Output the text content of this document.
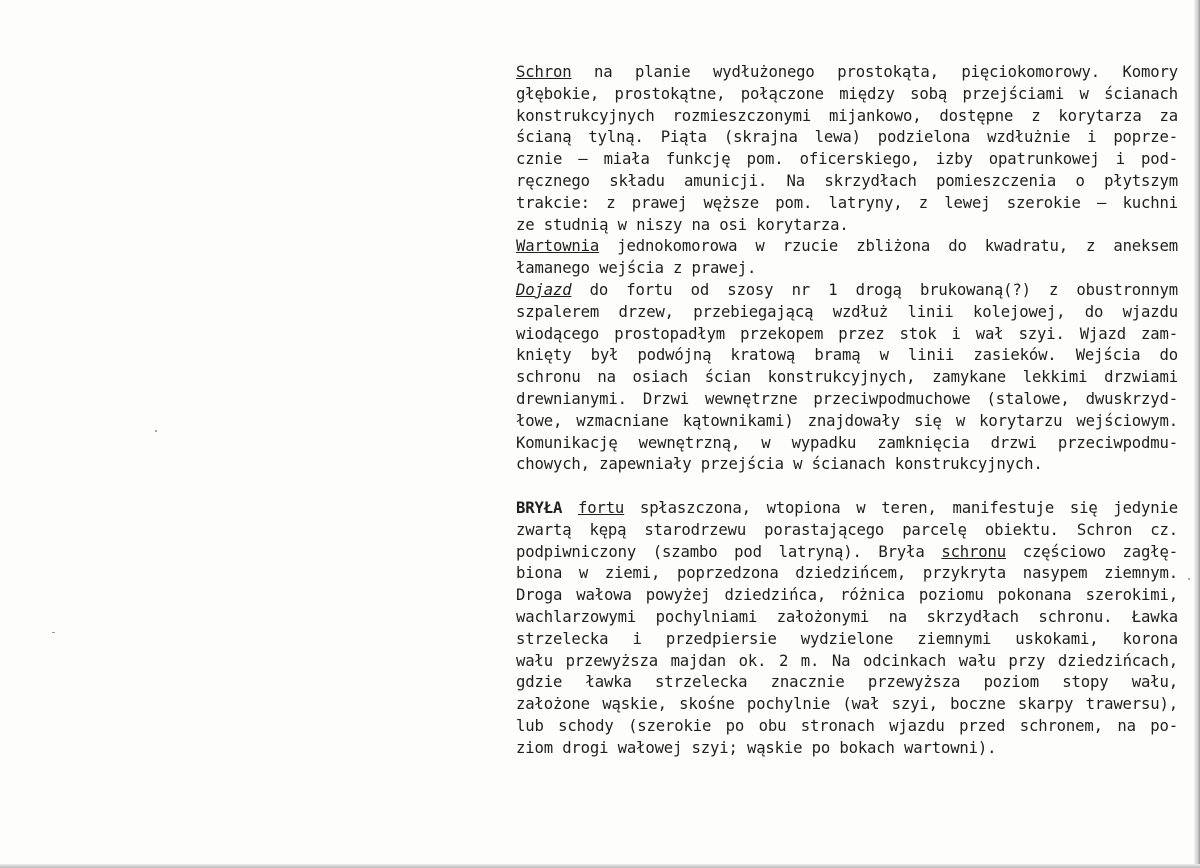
Schron na planie wydłużonego prostokąta, pięciokomorowy. Komory
głębokie, prostokątne, połączone między sobą przejściami w ścianach
konstrukcyjnych rozmieszczonymi mijankowo, dostępne z korytarza za
ścianą tylną. Piąta (skrajna lewa) podzielona wzdłużnie i poprze-
cznie – miała funkcję pom. oficerskiego, izby opatrunkowej i pod-
ręcznego składu amunicji. Na skrzydłach pomieszczenia o płytszym
trakcie: z prawej węższe pom. latryny, z lewej szerokie – kuchni
ze studnią w niszy na osi korytarza.
Wartownia jednokomorowa w rzucie zbliżona do kwadratu, z aneksem
łamanego wejścia z prawej.
Dojazd do fortu od szosy nr 1 drogą brukowaną(?) z obustronnym
szpalerem drzew, przebiegającą wzdłuż linii kolejowej, do wjazdu
wiodącego prostopadłym przekopem przez stok i wał szyi. Wjazd zam-
knięty był podwójną kratową bramą w linii zasieków. Wejścia do
schronu na osiach ścian konstrukcyjnych, zamykane lekkimi drzwiami
drewnianymi. Drzwi wewnętrzne przeciwpodmuchowe (stalowe, dwuskrzyd-
łowe, wzmacniane kątownikami) znajdowały się w korytarzu wejściowym.
Komunikację wewnętrzną, w wypadku zamknięcia drzwi przeciwpodmu-
chowych, zapewniały przejścia w ścianach konstrukcyjnych.
BRYŁA fortu spłaszczona, wtopiona w teren, manifestuje się jedynie
zwartą kępą starodrzewu porastającego parcelę obiektu. Schron cz.
podpiwniczony (szambo pod latryną). Bryła schronu częściowo zagłę-
biona w ziemi, poprzedzona dziedzińcem, przykryta nasypem ziemnym.
Droga wałowa powyżej dziedzińca, różnica poziomu pokonana szerokimi,
wachlarzowymi pochylniami założonymi na skrzydłach schronu. Ławka
strzelecka i przedpiersie wydzielone ziemnymi uskokami, korona
wału przewyższa majdan ok. 2 m. Na odcinkach wału przy dziedzińcach,
gdzie ławka strzelecka znacznie przewyższa poziom stopy wału,
założone wąskie, skośne pochylnie (wał szyi, boczne skarpy trawersu),
lub schody (szerokie po obu stronach wjazdu przed schronem, na po-
ziom drogi wałowej szyi; wąskie po bokach wartowni).
